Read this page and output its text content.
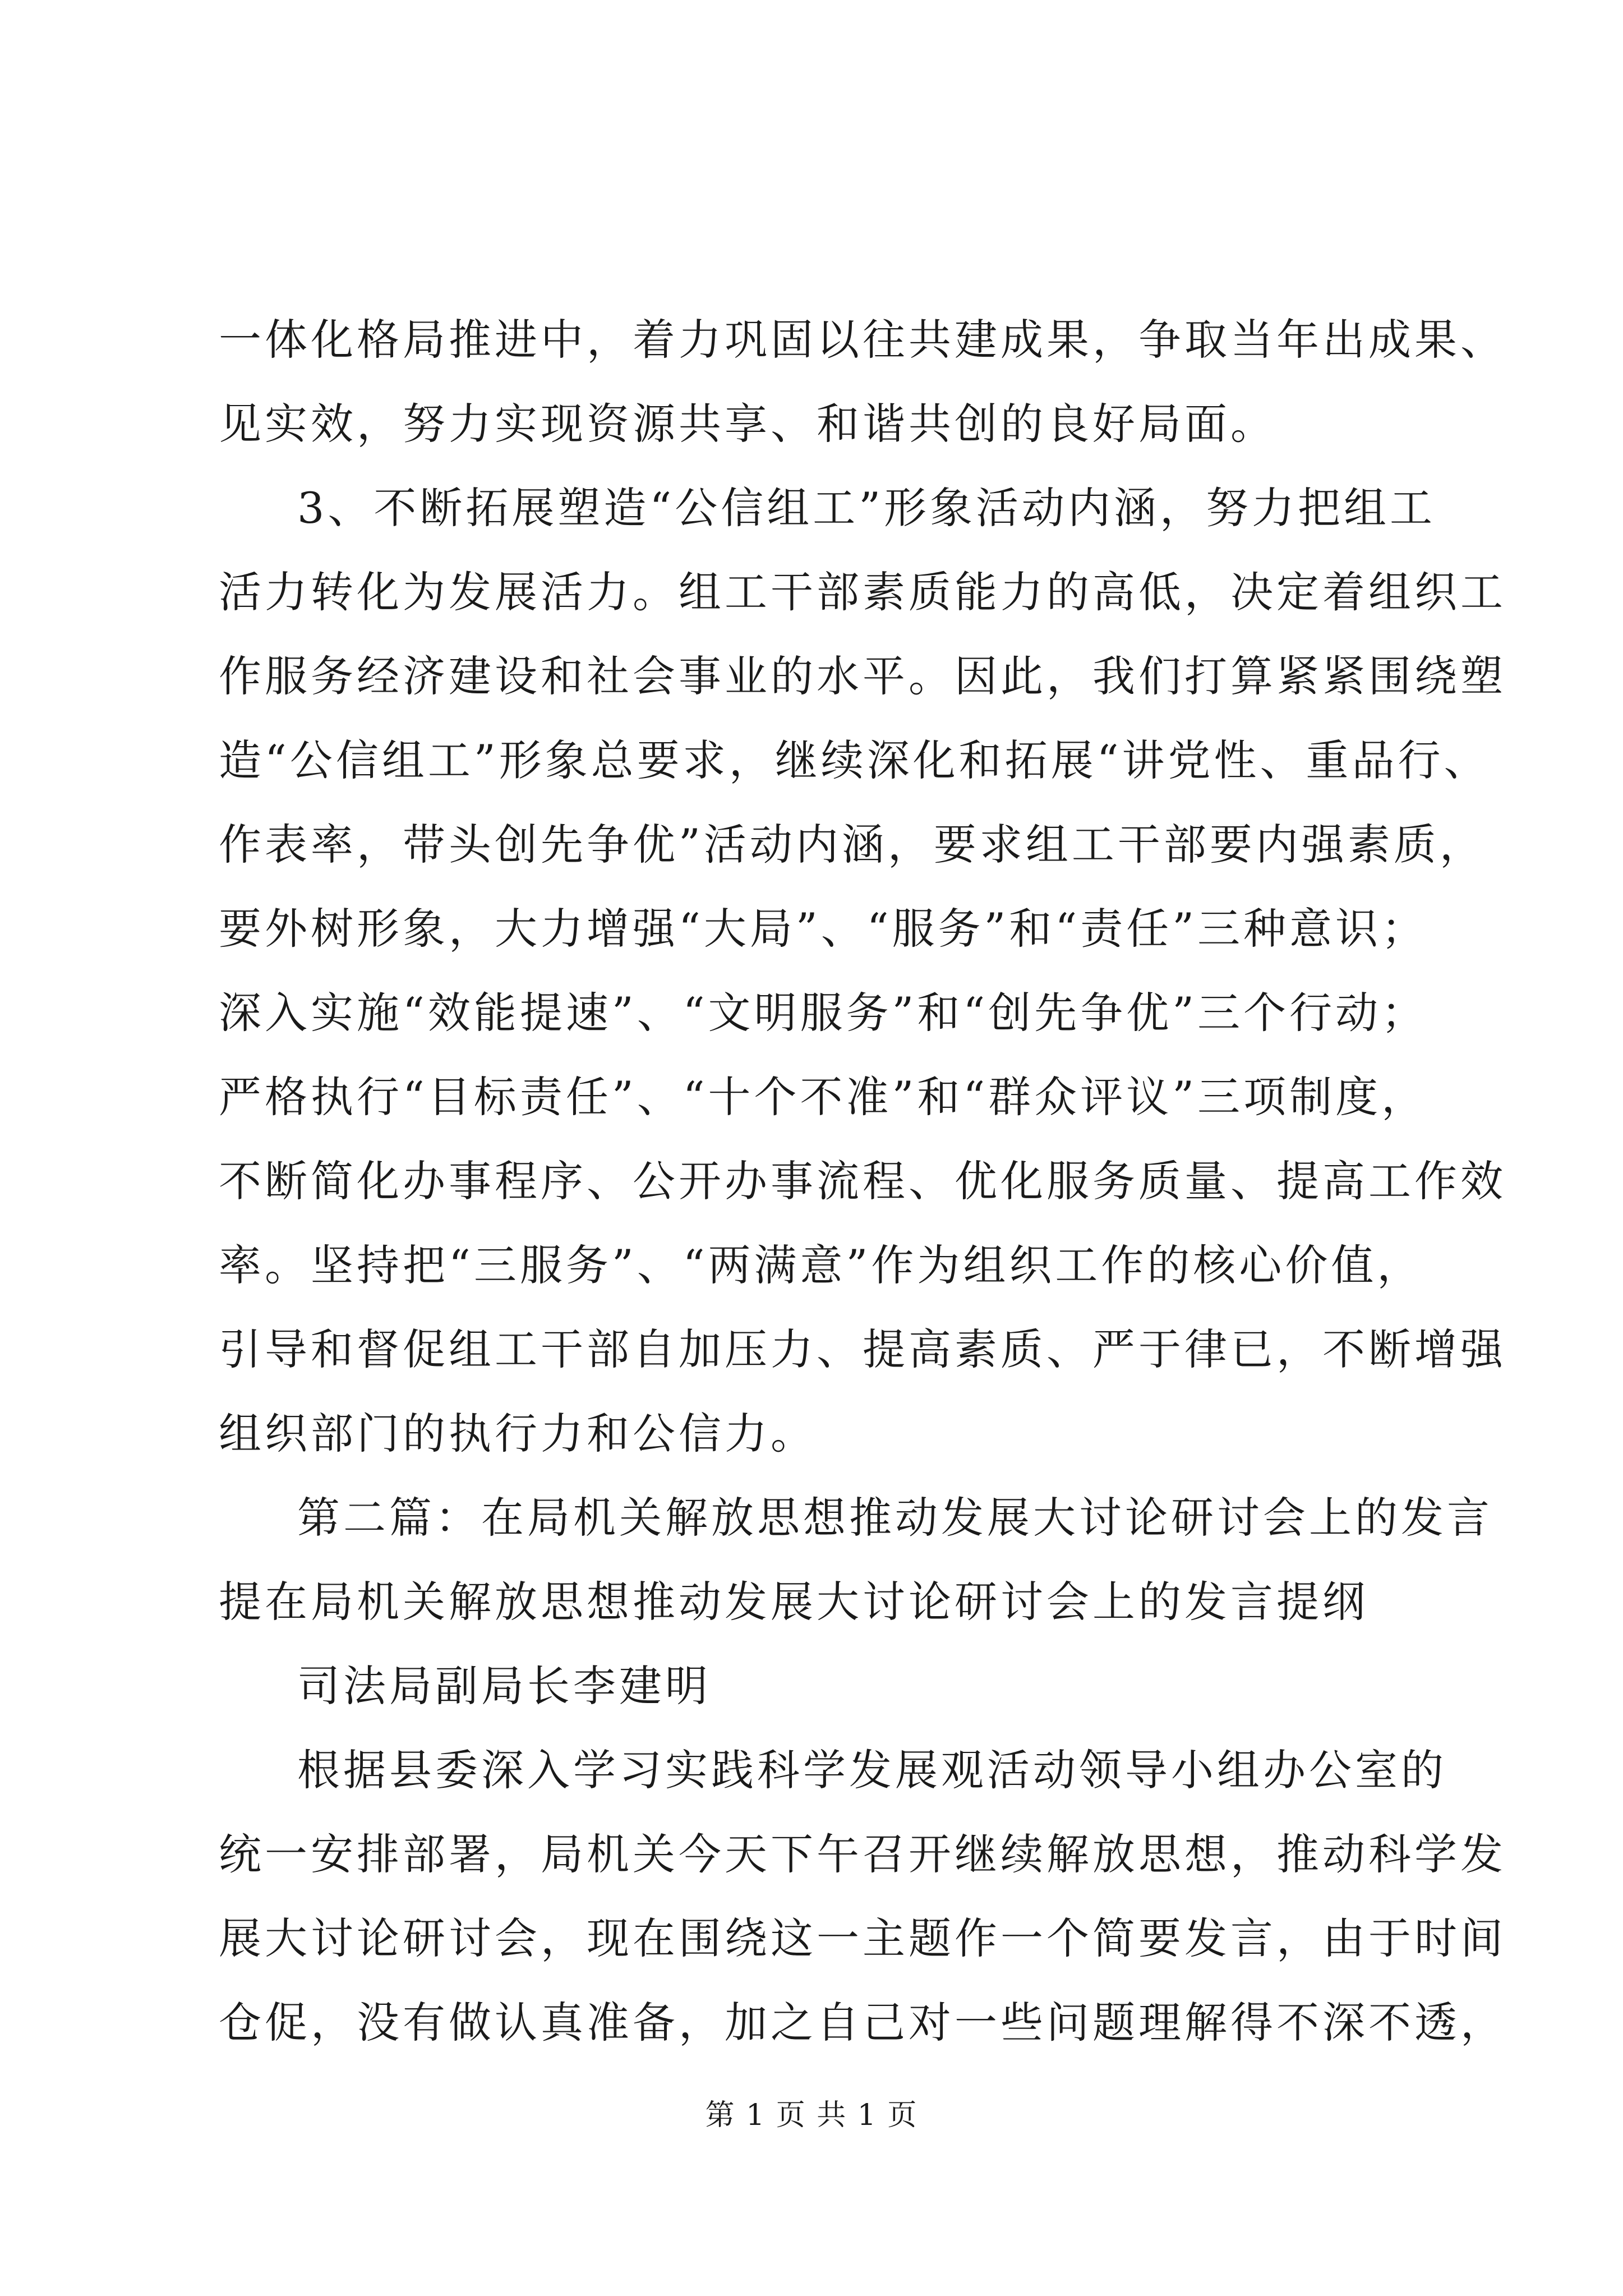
一体化格局推进中，着力巩固以往共建成果，争取当年出成果、
见实效，努力实现资源共享、和谐共创的良好局面。
3、不断拓展塑造“公信组工”形象活动内涵，努力把组工
活力转化为发展活力。组工干部素质能力的高低，决定着组织工
作服务经济建设和社会事业的水平。因此，我们打算紧紧围绕塑
造“公信组工”形象总要求，继续深化和拓展“讲党性、重品行、
作表率，带头创先争优”活动内涵，要求组工干部要内强素质，
要外树形象，大力增强“大局”、“服务”和“责任”三种意识；
深入实施“效能提速”、“文明服务”和“创先争优”三个行动；
严格执行“目标责任”、“十个不准”和“群众评议”三项制度，
不断简化办事程序、公开办事流程、优化服务质量、提高工作效
率。坚持把“三服务”、“两满意”作为组织工作的核心价值，
引导和督促组工干部自加压力、提高素质、严于律已，不断增强
组织部门的执行力和公信力。
第二篇：在局机关解放思想推动发展大讨论研讨会上的发言
提在局机关解放思想推动发展大讨论研讨会上的发言提纲
司法局副局长李建明
根据县委深入学习实践科学发展观活动领导小组办公室的
统一安排部署，局机关今天下午召开继续解放思想，推动科学发
展大讨论研讨会，现在围绕这一主题作一个简要发言，由于时间
仓促，没有做认真准备，加之自己对一些问题理解得不深不透，
第 1 页 共 1 页
